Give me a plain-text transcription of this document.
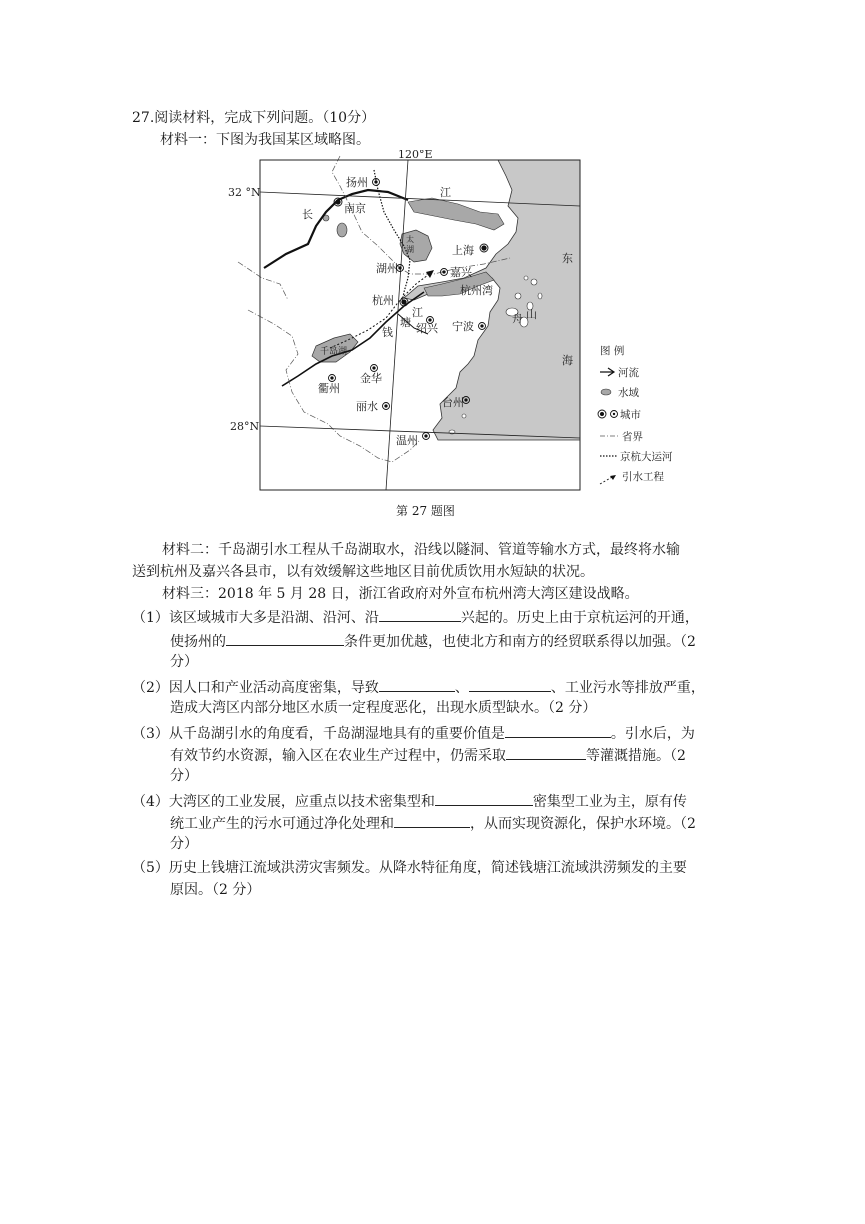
27.阅读材料，完成下列问题。（10分）
材料一：下图为我国某区域略图。
120°E
32 °N
28°N
扬州
南京
上海
湖州	嘉兴
杭州
绍兴 宁波
衢州
金华
丽水	台州
温州
长
江
太
湖
杭州湾
舟 山
钱
塘
江
千岛湖
东
海
图 例
河流
水域
城市
省界
京杭大运河
引水工程
第 27 题图
材料二：千岛湖引水工程从千岛湖取水，沿线以隧洞、管道等输水方式，最终将水输
送到杭州及嘉兴各县市，以有效缓解这些地区目前优质饮用水短缺的状况。
材料三：2018 年 5 月 28 日，浙江省政府对外宣布杭州湾大湾区建设战略。
（1）该区域城市大多是沿湖、沿河、沿	兴起的。历史上由于京杭运河的开通，
使扬州的	条件更加优越，也使北方和南方的经贸联系得以加强。（2
分）
（2）因人口和产业活动高度密集，导致	、	、工业污水等排放严重，
造成大湾区内部分地区水质一定程度恶化，出现水质型缺水。（2 分）
（3）从千岛湖引水的角度看，千岛湖湿地具有的重要价值是	。引水后，为
有效节约水资源，输入区在农业生产过程中，仍需采取	等灌溉措施。（2
分）
（4）大湾区的工业发展，应重点以技术密集型和	密集型工业为主，原有传
统工业产生的污水可通过净化处理和	，从而实现资源化，保护水环境。（2
分）
（5）历史上钱塘江流域洪涝灾害频发。从降水特征角度，简述钱塘江流域洪涝频发的主要
原因。（2 分）
